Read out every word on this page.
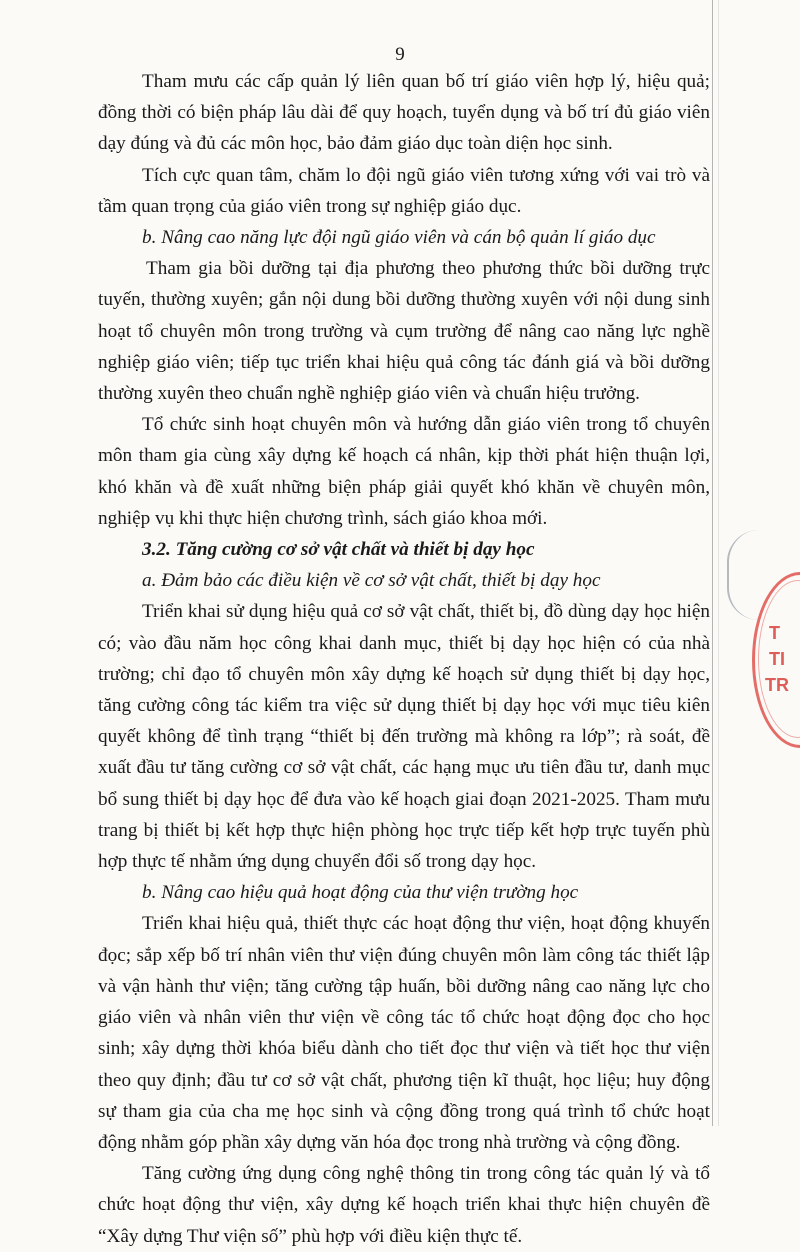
9

Tham mưu các cấp quản lý liên quan bố trí giáo viên hợp lý, hiệu quả; đồng thời có biện pháp lâu dài để quy hoạch, tuyển dụng và bố trí đủ giáo viên dạy đúng và đủ các môn học, bảo đảm giáo dục toàn diện học sinh.

Tích cực quan tâm, chăm lo đội ngũ giáo viên tương xứng với vai trò và tầm quan trọng của giáo viên trong sự nghiệp giáo dục.

b. Nâng cao năng lực đội ngũ giáo viên và cán bộ quản lí giáo dục

Tham gia bồi dưỡng tại địa phương theo phương thức bồi dưỡng trực tuyến, thường xuyên; gắn nội dung bồi dưỡng thường xuyên với nội dung sinh hoạt tổ chuyên môn trong trường và cụm trường để nâng cao năng lực nghề nghiệp giáo viên; tiếp tục triển khai hiệu quả công tác đánh giá và bồi dưỡng thường xuyên theo chuẩn nghề nghiệp giáo viên và chuẩn hiệu trưởng.

Tổ chức sinh hoạt chuyên môn và hướng dẫn giáo viên trong tổ chuyên môn tham gia cùng xây dựng kế hoạch cá nhân, kịp thời phát hiện thuận lợi, khó khăn và đề xuất những biện pháp giải quyết khó khăn về chuyên môn, nghiệp vụ khi thực hiện chương trình, sách giáo khoa mới.

3.2. Tăng cường cơ sở vật chất và thiết bị dạy học

a. Đảm bảo các điều kiện về cơ sở vật chất, thiết bị dạy học

Triển khai sử dụng hiệu quả cơ sở vật chất, thiết bị, đồ dùng dạy học hiện có; vào đầu năm học công khai danh mục, thiết bị dạy học hiện có của nhà trường; chỉ đạo tổ chuyên môn xây dựng kế hoạch sử dụng thiết bị dạy học, tăng cường công tác kiểm tra việc sử dụng thiết bị dạy học với mục tiêu kiên quyết không để tình trạng “thiết bị đến trường mà không ra lớp”; rà soát, đề xuất đầu tư tăng cường cơ sở vật chất, các hạng mục ưu tiên đầu tư, danh mục bổ sung thiết bị dạy học để đưa vào kế hoạch giai đoạn 2021-2025. Tham mưu trang bị thiết bị kết hợp thực hiện phòng học trực tiếp kết hợp trực tuyến phù hợp thực tế nhằm ứng dụng chuyển đổi số trong dạy học.

b. Nâng cao hiệu quả hoạt động của thư viện trường học

Triển khai hiệu quả, thiết thực các hoạt động thư viện, hoạt động khuyến đọc; sắp xếp bố trí nhân viên thư viện đúng chuyên môn làm công tác thiết lập và vận hành thư viện; tăng cường tập huấn, bồi dưỡng nâng cao năng lực cho giáo viên và nhân viên thư viện về công tác tổ chức hoạt động đọc cho học sinh; xây dựng thời khóa biểu dành cho tiết đọc thư viện và tiết học thư viện theo quy định; đầu tư cơ sở vật chất, phương tiện kĩ thuật, học liệu; huy động sự tham gia của cha mẹ học sinh và cộng đồng trong quá trình tổ chức hoạt động nhằm góp phần xây dựng văn hóa đọc trong nhà trường và cộng đồng.

Tăng cường ứng dụng công nghệ thông tin trong công tác quản lý và tổ chức hoạt động thư viện, xây dựng kế hoạch triển khai thực hiện chuyên đề “Xây dựng Thư viện số” phù hợp với điều kiện thực tế.

T
TI
TR
